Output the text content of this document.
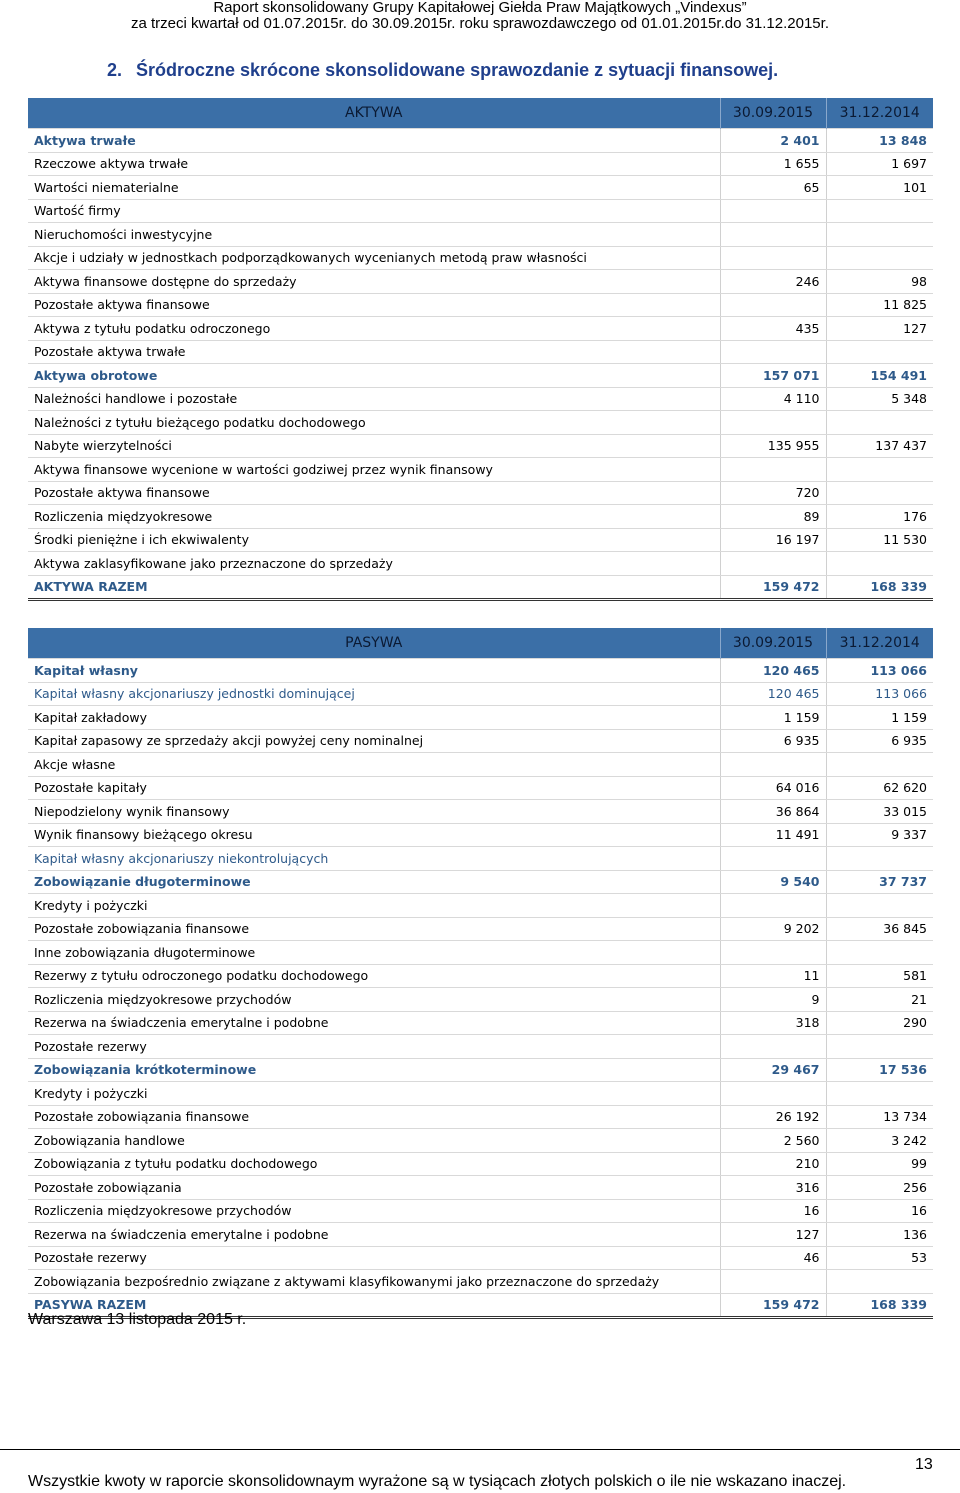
Raport skonsolidowany Grupy Kapitałowej Giełda Praw Majątkowych „Vindexus”
za trzeci kwartał od 01.07.2015r. do 30.09.2015r. roku sprawozdawczego od 01.01.2015r.do 31.12.2015r.
2. Śródroczne skrócone skonsolidowane sprawozdanie z sytuacji finansowej.
AKTYWA	30.09.2015	31.12.2014
Aktywa trwałe	2 401	13 848
Rzeczowe aktywa trwałe	1 655	1 697
Wartości niematerialne	65	101
Wartość firmy		
Nieruchomości inwestycyjne		
Akcje i udziały w jednostkach podporządkowanych wycenianych metodą praw własności		
Aktywa finansowe dostępne do sprzedaży	246	98
Pozostałe aktywa finansowe		11 825
Aktywa z tytułu podatku odroczonego	435	127
Pozostałe aktywa trwałe		
Aktywa obrotowe	157 071	154 491
Należności handlowe i pozostałe	4 110	5 348
Należności z tytułu bieżącego podatku dochodowego		
Nabyte wierzytelności	135 955	137 437
Aktywa finansowe wycenione w wartości godziwej przez wynik finansowy		
Pozostałe aktywa finansowe	720	
Rozliczenia międzyokresowe	89	176
Środki pieniężne i ich ekwiwalenty	16 197	11 530
Aktywa zaklasyfikowane jako przeznaczone do sprzedaży		
AKTYWA RAZEM	159 472	168 339
PASYWA	30.09.2015	31.12.2014
Kapitał własny	120 465	113 066
Kapitał własny akcjonariuszy jednostki dominującej	120 465	113 066
Kapitał zakładowy	1 159	1 159
Kapitał zapasowy ze sprzedaży akcji powyżej ceny nominalnej	6 935	6 935
Akcje własne		
Pozostałe kapitały	64 016	62 620
Niepodzielony wynik finansowy	36 864	33 015
Wynik finansowy bieżącego okresu	11 491	9 337
Kapitał własny akcjonariuszy niekontrolujących		
Zobowiązanie długoterminowe	9 540	37 737
Kredyty i pożyczki		
Pozostałe zobowiązania finansowe	9 202	36 845
Inne zobowiązania długoterminowe		
Rezerwy z tytułu odroczonego podatku dochodowego	11	581
Rozliczenia międzyokresowe przychodów	9	21
Rezerwa na świadczenia emerytalne i podobne	318	290
Pozostałe rezerwy		
Zobowiązania krótkoterminowe	29 467	17 536
Kredyty i pożyczki		
Pozostałe zobowiązania finansowe	26 192	13 734
Zobowiązania handlowe	2 560	3 242
Zobowiązania z tytułu podatku dochodowego	210	99
Pozostałe zobowiązania	316	256
Rozliczenia międzyokresowe przychodów	16	16
Rezerwa na świadczenia emerytalne i podobne	127	136
Pozostałe rezerwy	46	53
Zobowiązania bezpośrednio związane z aktywami klasyfikowanymi jako przeznaczone do sprzedaży		
PASYWA RAZEM	159 472	168 339
Warszawa 13 listopada 2015 r.
13
Wszystkie kwoty w raporcie skonsolidownaym wyrażone są w tysiącach złotych polskich o ile nie wskazano inaczej.
